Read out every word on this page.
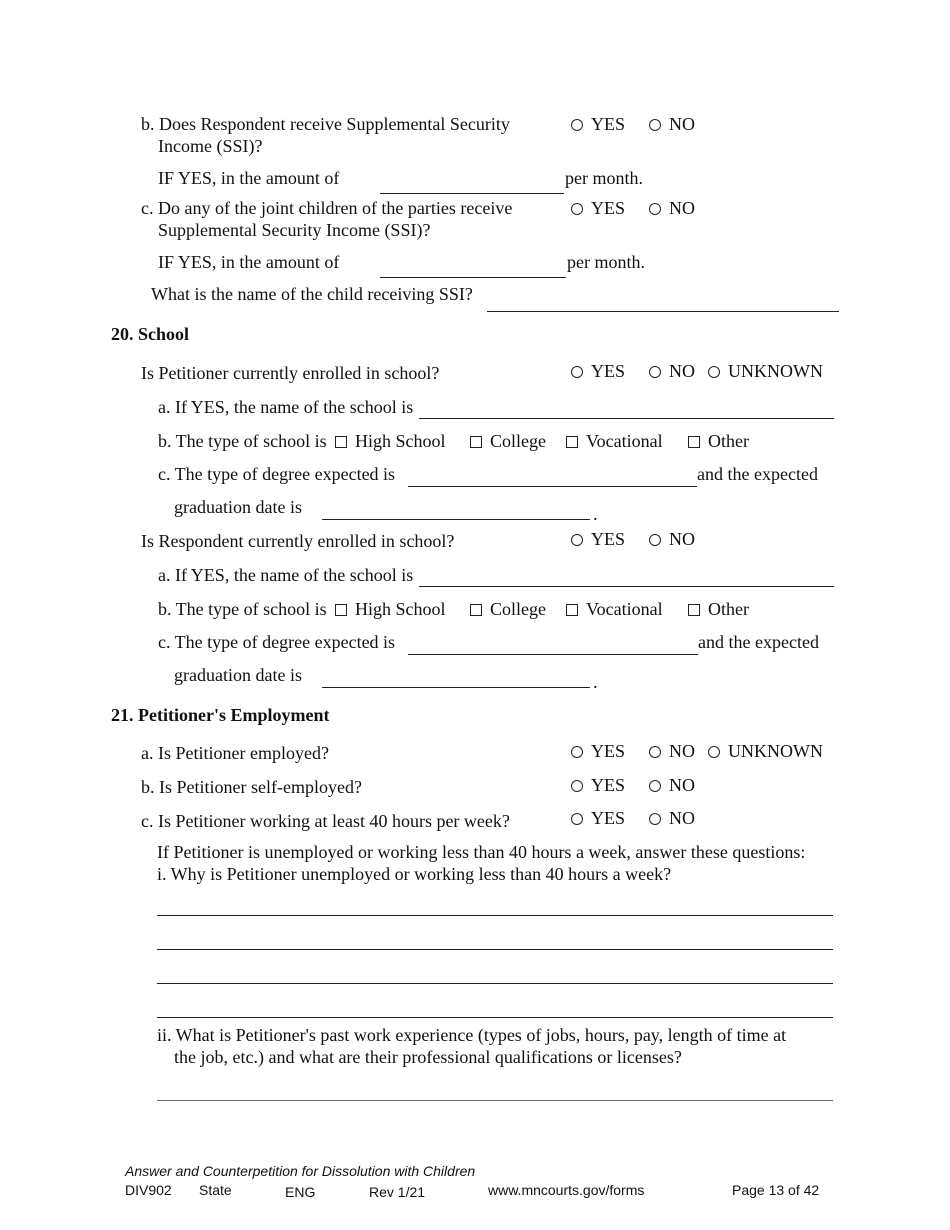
b. Does Respondent receive Supplemental Security
Income (SSI)?
YES NO
IF YES, in the amount of	per month.
c. Do any of the joint children of the parties receive
Supplemental Security Income (SSI)?
YES NO
IF YES, in the amount of	per month.
What is the name of the child receiving SSI?
20. School
Is Petitioner currently enrolled in school?	YES NO UNKNOWN
a. If YES, the name of the school is
b. The type of school is High School College Vocational	Other
c. The type of degree expected is	and the expected
graduation date is	.
Is Respondent currently enrolled in school?	YES NO
a. If YES, the name of the school is
b. The type of school is High School College Vocational	Other
c. The type of degree expected is	and the expected
graduation date is	.
21. Petitioner's Employment
a. Is Petitioner employed?	YES NO UNKNOWN
b. Is Petitioner self-employed?	YES NO
c. Is Petitioner working at least 40 hours per week?	YES NO
If Petitioner is unemployed or working less than 40 hours a week, answer these questions:
i. Why is Petitioner unemployed or working less than 40 hours a week?
ii. What is Petitioner's past work experience (types of jobs, hours, pay, length of time at
the job, etc.) and what are their professional qualifications or licenses?
Answer and Counterpetition for Dissolution with Children
DIV902 State	ENG	Rev 1/21	www.mncourts.gov/forms	Page 13 of 42
